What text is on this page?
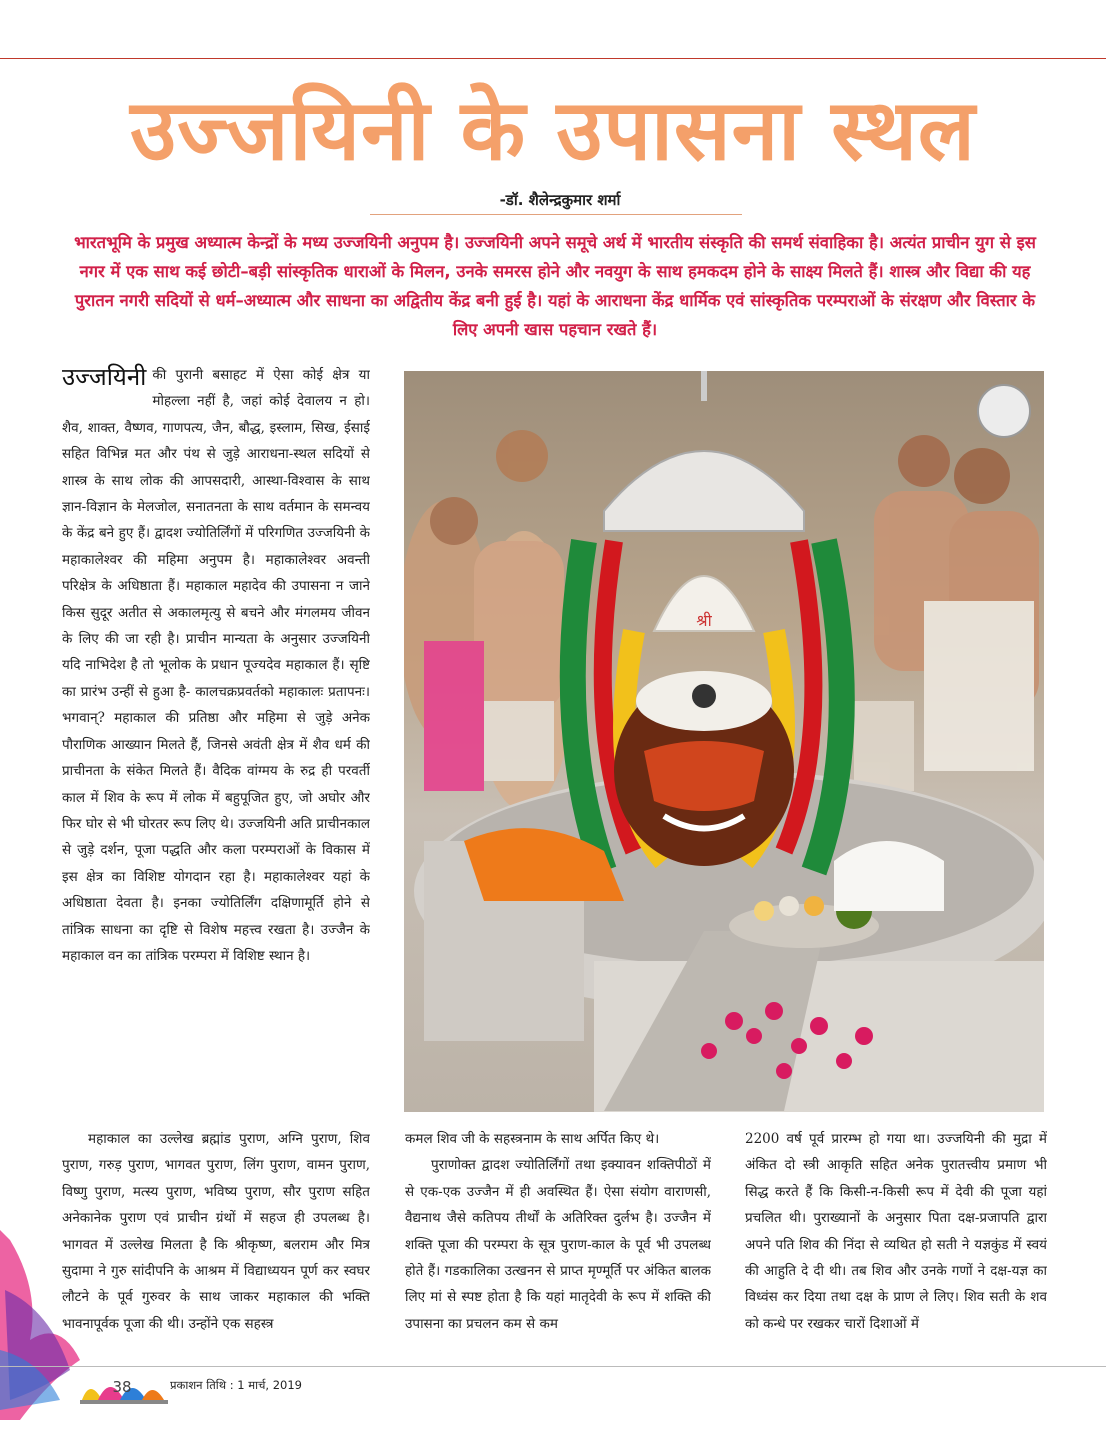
उज्जयिनी के उपासना स्थल
-डॉ. शैलेन्द्रकुमार शर्मा
भारतभूमि के प्रमुख अध्यात्म केन्द्रों के मध्य उज्जयिनी अनुपम है। उज्जयिनी अपने समूचे अर्थ में भारतीय संस्कृति की समर्थ संवाहिका है। अत्यंत प्राचीन युग से इस नगर में एक साथ कई छोटी–बड़ी सांस्कृतिक धाराओं के मिलन, उनके समरस होने और नवयुग के साथ हमकदम होने के साक्ष्य मिलते हैं। शास्त्र और विद्या की यह पुरातन नगरी सदियों से धर्म–अध्यात्म और साधना का अद्वितीय केंद्र बनी हुई है। यहां के आराधना केंद्र धार्मिक एवं सांस्कृतिक परम्पराओं के संरक्षण और विस्तार के लिए अपनी खास पहचान रखते हैं।

उज्जयिनी की पुरानी बसाहट में ऐसा कोई क्षेत्र या मोहल्ला नहीं है, जहां कोई देवालय न हो। शैव, शाक्त, वैष्णव, गाणपत्य, जैन, बौद्ध, इस्लाम, सिख, ईसाई सहित विभिन्न मत और पंथ से जुड़े आराधना-स्थल सदियों से शास्त्र के साथ लोक की आपसदारी, आस्था-विश्वास के साथ ज्ञान-विज्ञान के मेलजोल, सनातनता के साथ वर्तमान के समन्वय के केंद्र बने हुए हैं। द्वादश ज्योतिर्लिंगों में परिगणित उज्जयिनी के महाकालेश्वर की महिमा अनुपम है। महाकालेश्वर अवन्ती परिक्षेत्र के अधिष्ठाता हैं। महाकाल महादेव की उपासना न जाने किस सुदूर अतीत से अकालमृत्यु से बचने और मंगलमय जीवन के लिए की जा रही है। प्राचीन मान्यता के अनुसार उज्जयिनी यदि नाभिदेश है तो भूलोक के प्रधान पूज्यदेव महाकाल हैं। सृष्टि का प्रारंभ उन्हीं से हुआ है- कालचक्रप्रवर्तको महाकालः प्रतापनः। भगवान्? महाकाल की प्रतिष्ठा और महिमा से जुड़े अनेक पौराणिक आख्यान मिलते हैं, जिनसे अवंती क्षेत्र में शैव धर्म की प्राचीनता के संकेत मिलते हैं। वैदिक वांग्मय के रुद्र ही परवर्ती काल में शिव के रूप में लोक में बहुपूजित हुए, जो अघोर और फिर घोर से भी घोरतर रूप लिए थे। उज्जयिनी अति प्राचीनकाल से जुड़े दर्शन, पूजा पद्धति और कला परम्पराओं के विकास में इस क्षेत्र का विशिष्ट योगदान रहा है। महाकालेश्वर यहां के अधिष्ठाता देवता है। इनका ज्योतिर्लिंग दक्षिणामूर्ति होने से तांत्रिक साधना का दृष्टि से विशेष महत्त्व रखता है। उज्जैन के महाकाल वन का तांत्रिक परम्परा में विशिष्ट स्थान है।

श्री

महाकाल का उल्लेख ब्रह्मांड पुराण, अग्नि पुराण, शिव पुराण, गरुड़ पुराण, भागवत पुराण, लिंग पुराण, वामन पुराण, विष्णु पुराण, मत्स्य पुराण, भविष्य पुराण, सौर पुराण सहित अनेकानेक पुराण एवं प्राचीन ग्रंथों में सहज ही उपलब्ध है। भागवत में उल्लेख मिलता है कि श्रीकृष्ण, बलराम और मित्र सुदामा ने गुरु सांदीपनि के आश्रम में विद्याध्ययन पूर्ण कर स्वघर लौटने के पूर्व गुरुवर के साथ जाकर महाकाल की भक्ति भावनापूर्वक पूजा की थी। उन्होंने एक सहस्त्र

कमल शिव जी के सहस्त्रनाम के साथ अर्पित किए थे।

पुराणोक्त द्वादश ज्योतिर्लिंगों तथा इक्यावन शक्तिपीठों में से एक-एक उज्जैन में ही अवस्थित हैं। ऐसा संयोग वाराणसी, वैद्यनाथ जैसे कतिपय तीर्थों के अतिरिक्त दुर्लभ है। उज्जैन में शक्ति पूजा की परम्परा के सूत्र पुराण-काल के पूर्व भी उपलब्ध होते हैं। गडकालिका उत्खनन से प्राप्त मृण्मूर्ति पर अंकित बालक लिए मां से स्पष्ट होता है कि यहां मातृदेवी के रूप में शक्ति की उपासना का प्रचलन कम से कम

2200 वर्ष पूर्व प्रारम्भ हो गया था। उज्जयिनी की मुद्रा में अंकित दो स्त्री आकृति सहित अनेक पुरातत्त्वीय प्रमाण भी सिद्ध करते हैं कि किसी-न-किसी रूप में देवी की पूजा यहां प्रचलित थी। पुराख्यानों के अनुसार पिता दक्ष-प्रजापति द्वारा अपने पति शिव की निंदा से व्यथित हो सती ने यज्ञकुंड में स्वयं की आहुति दे दी थी। तब शिव और उनके गणों ने दक्ष-यज्ञ का विध्वंस कर दिया तथा दक्ष के प्राण ले लिए। शिव सती के शव को कन्धे पर रखकर चारों दिशाओं में

38	प्रकाशन तिथि : 1 मार्च, 2019
